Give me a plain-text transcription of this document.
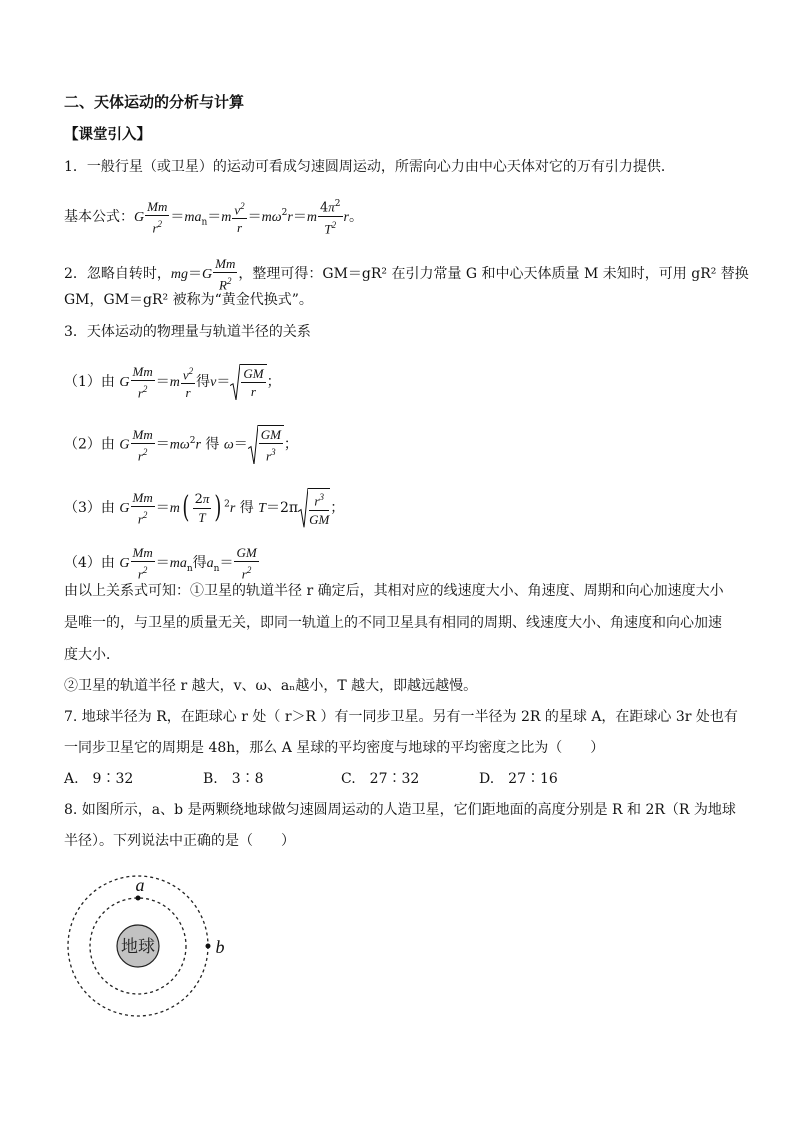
二、天体运动的分析与计算
【课堂引入】
1．一般行星（或卫星）的运动可看成匀速圆周运动，所需向心力由中心天体对它的万有引力提供．
基本公式：G $\frac{Mm}{r^2} =ma_n=m \frac{v^2}{r} =m\omega^2r=m \frac{4\pi^2}{T^2}$ r。
2．忽略自转时，$mg=G \frac{Mm}{R^2}$ ，整理可得：GM＝gR² 在引力常量 G 和中心天体质量 M 未知时，可用 gR² 替换
GM，GM＝gR² 被称为“黄金代换式”。
3．天体运动的物理量与轨道半径的关系
（1）由 G $\frac{Mm}{r^2} =m \frac{v^2}{r}$ 得$v= \frac{GM}{r}$ ；
（2）由 G $\frac{Mm}{r^2} =m\omega^2r$ 得 $\omega= \frac{GM}{r^3}$ ；
（3）由 G $\frac{Mm}{r^2} =m( \frac{2\pi}{T}$ ) $^2$r 得 $T=2\pi \frac{r^3}{GM}$ ；
（4）由 G $\frac{Mm}{r^2} =ma_n$得$a_n= \frac{GM}{r^2}$
由以上关系式可知：①卫星的轨道半径 r 确定后，其相对应的线速度大小、角速度、周期和向心加速度大小
是唯一的，与卫星的质量无关，即同一轨道上的不同卫星具有相同的周期、线速度大小、角速度和向心加速
度大小．
②卫星的轨道半径 r 越大，v、ω、aₙ越小，T 越大，即越远越慢。
7. 地球半径为 R，在距球心 r 处（ r＞R ）有一同步卫星。另有一半径为 2R 的星球 A，在距球心 3r 处也有
一同步卫星它的周期是 48h，那么 A 星球的平均密度与地球的平均密度之比为（　　）
A.　9∶32	B.　3∶8	C.　27∶32	D.　27∶16
8. 如图所示，a、b 是两颗绕地球做匀速圆周运动的人造卫星，它们距地面的高度分别是 R 和 2R（R 为地球
半径）。下列说法中正确的是（　　）
地球
a
b
